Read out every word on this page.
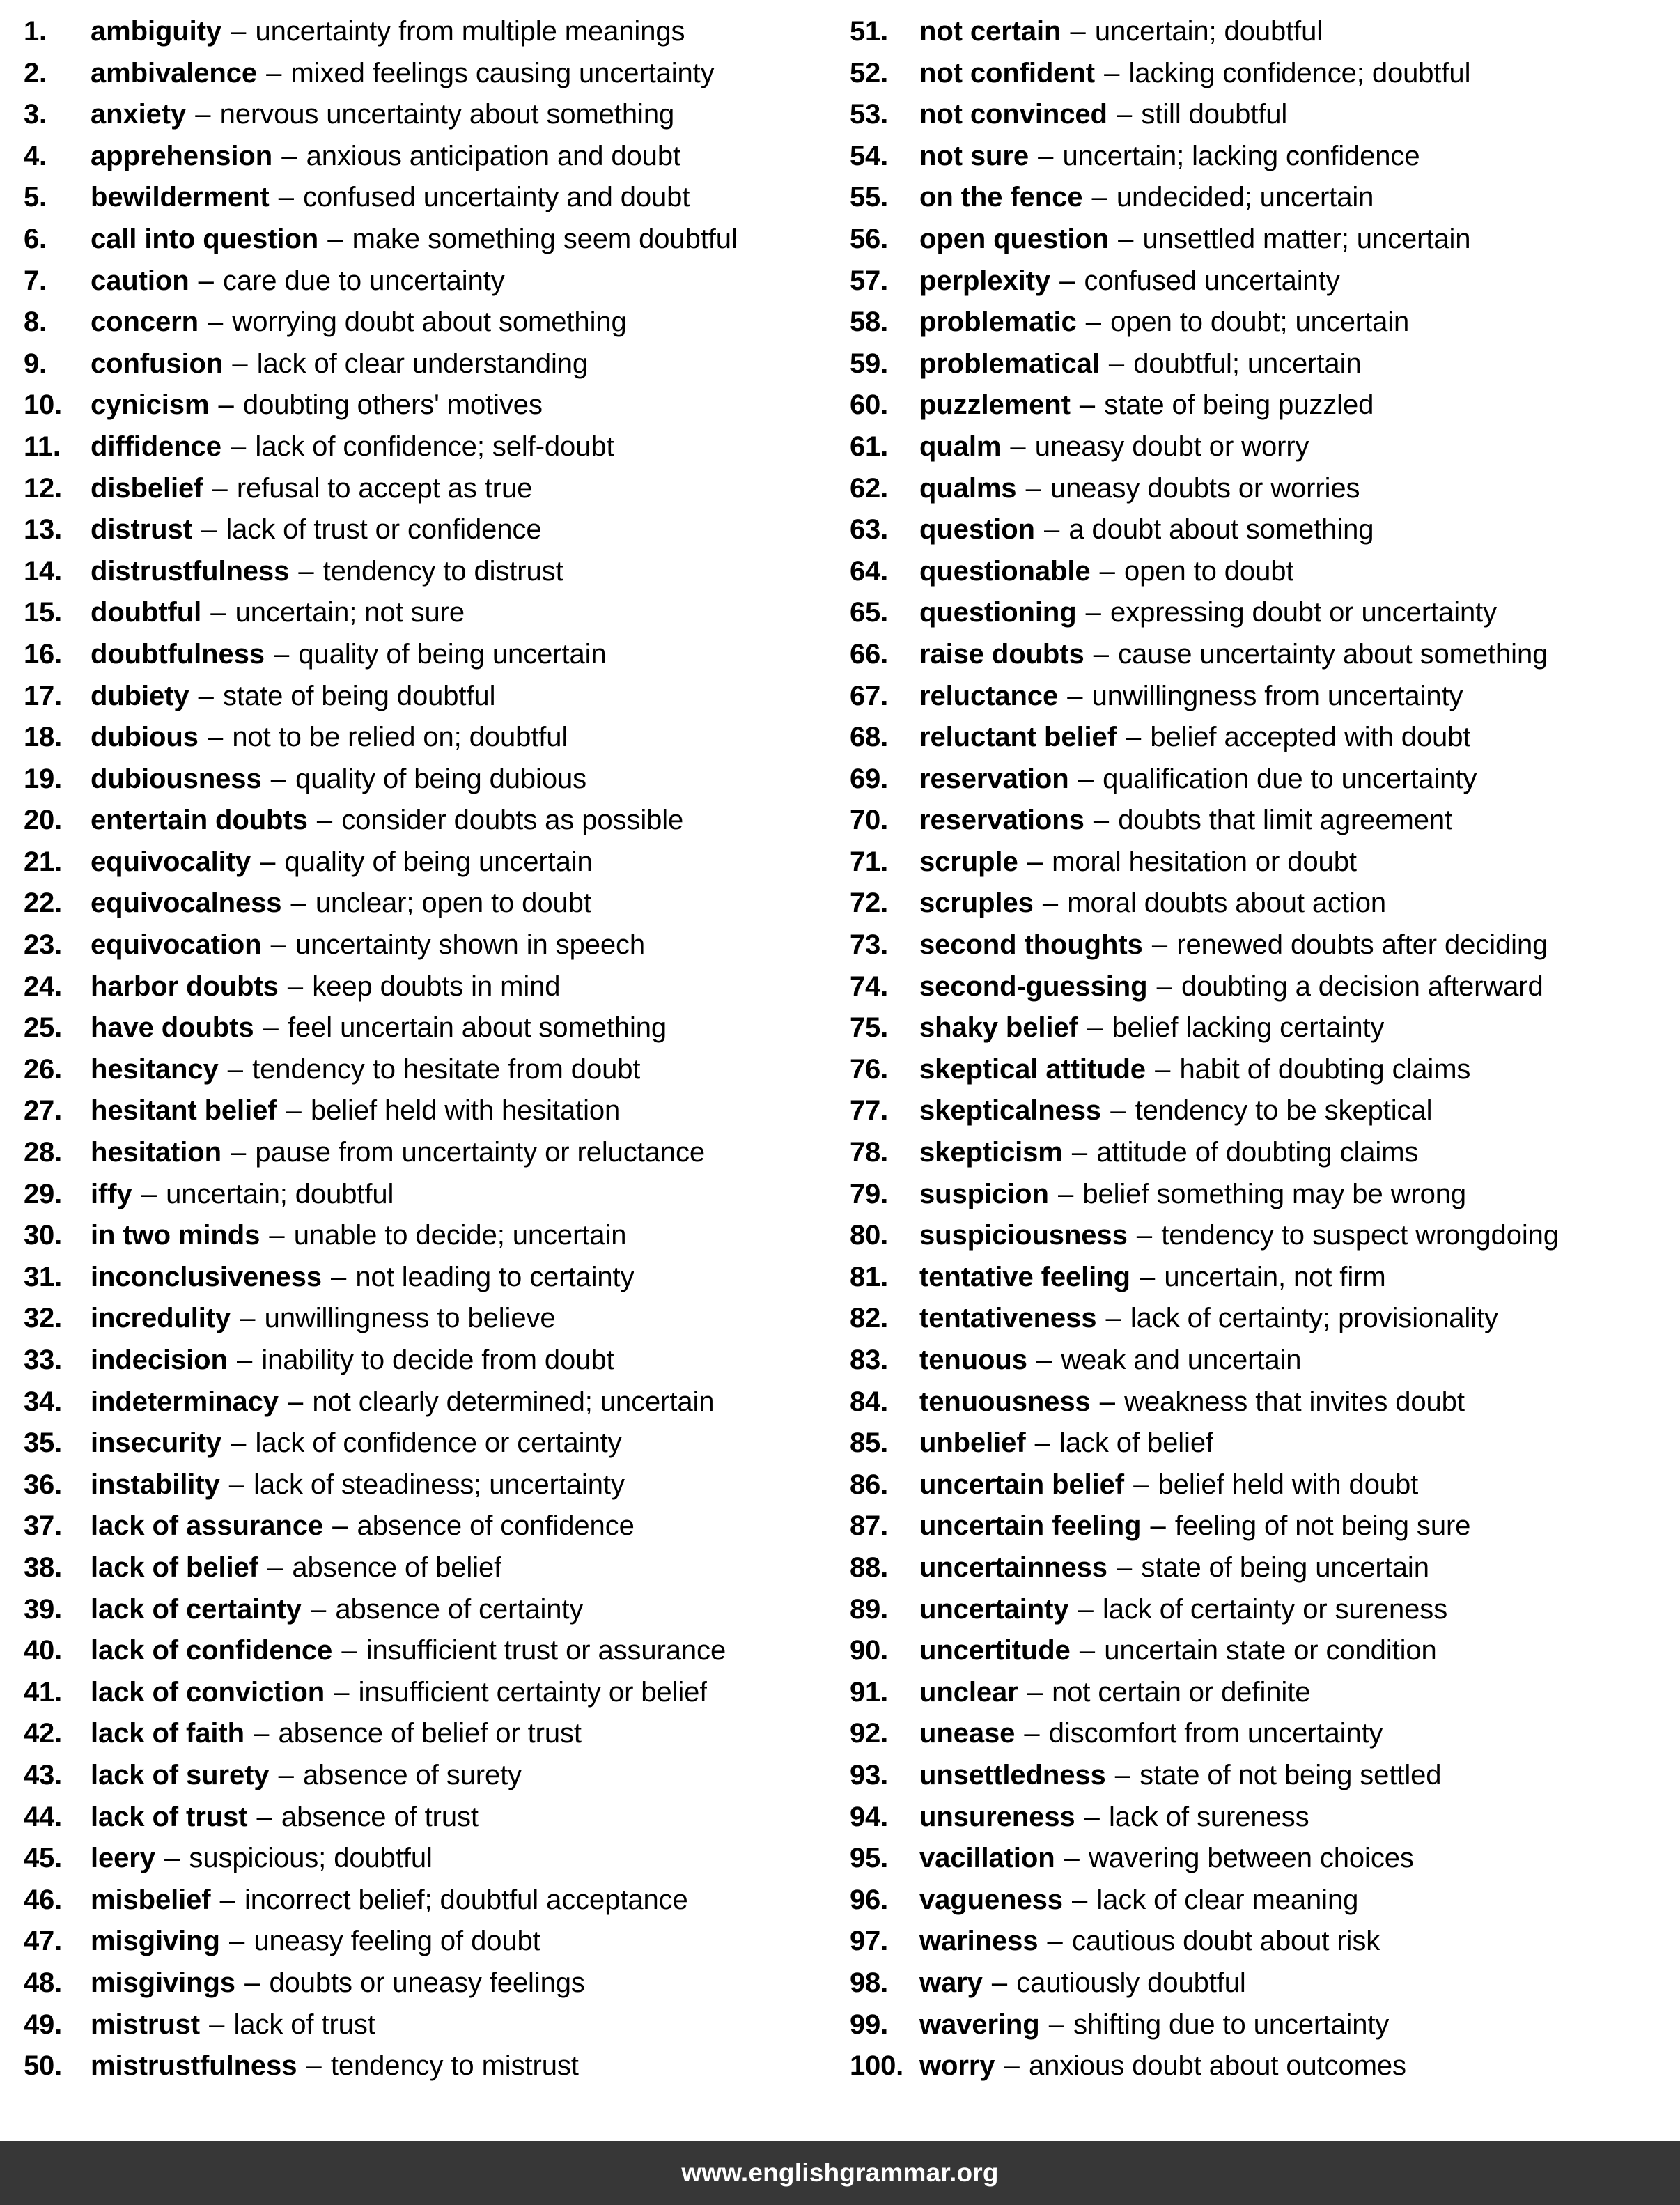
1.	ambiguity – uncertainty from multiple meanings
2.	ambivalence – mixed feelings causing uncertainty
3.	anxiety – nervous uncertainty about something
4.	apprehension – anxious anticipation and doubt
5.	bewilderment – confused uncertainty and doubt
6.	call into question – make something seem doubtful
7.	caution – care due to uncertainty
8.	concern – worrying doubt about something
9.	confusion – lack of clear understanding
10.	cynicism – doubting others' motives
11.	diffidence – lack of confidence; self-doubt
12.	disbelief – refusal to accept as true
13.	distrust – lack of trust or confidence
14.	distrustfulness – tendency to distrust
15.	doubtful – uncertain; not sure
16.	doubtfulness – quality of being uncertain
17.	dubiety – state of being doubtful
18.	dubious – not to be relied on; doubtful
19.	dubiousness – quality of being dubious
20.	entertain doubts – consider doubts as possible
21.	equivocality – quality of being uncertain
22.	equivocalness – unclear; open to doubt
23.	equivocation – uncertainty shown in speech
24.	harbor doubts – keep doubts in mind
25.	have doubts – feel uncertain about something
26.	hesitancy – tendency to hesitate from doubt
27.	hesitant belief – belief held with hesitation
28.	hesitation – pause from uncertainty or reluctance
29.	iffy – uncertain; doubtful
30.	in two minds – unable to decide; uncertain
31.	inconclusiveness – not leading to certainty
32.	incredulity – unwillingness to believe
33.	indecision – inability to decide from doubt
34.	indeterminacy – not clearly determined; uncertain
35.	insecurity – lack of confidence or certainty
36.	instability – lack of steadiness; uncertainty
37.	lack of assurance – absence of confidence
38.	lack of belief – absence of belief
39.	lack of certainty – absence of certainty
40.	lack of confidence – insufficient trust or assurance
41.	lack of conviction – insufficient certainty or belief
42.	lack of faith – absence of belief or trust
43.	lack of surety – absence of surety
44.	lack of trust – absence of trust
45.	leery – suspicious; doubtful
46.	misbelief – incorrect belief; doubtful acceptance
47.	misgiving – uneasy feeling of doubt
48.	misgivings – doubts or uneasy feelings
49.	mistrust – lack of trust
50.	mistrustfulness – tendency to mistrust
51.	not certain – uncertain; doubtful
52.	not confident – lacking confidence; doubtful
53.	not convinced – still doubtful
54.	not sure – uncertain; lacking confidence
55.	on the fence – undecided; uncertain
56.	open question – unsettled matter; uncertain
57.	perplexity – confused uncertainty
58.	problematic – open to doubt; uncertain
59.	problematical – doubtful; uncertain
60.	puzzlement – state of being puzzled
61.	qualm – uneasy doubt or worry
62.	qualms – uneasy doubts or worries
63.	question – a doubt about something
64.	questionable – open to doubt
65.	questioning – expressing doubt or uncertainty
66.	raise doubts – cause uncertainty about something
67.	reluctance – unwillingness from uncertainty
68.	reluctant belief – belief accepted with doubt
69.	reservation – qualification due to uncertainty
70.	reservations – doubts that limit agreement
71.	scruple – moral hesitation or doubt
72.	scruples – moral doubts about action
73.	second thoughts – renewed doubts after deciding
74.	second-guessing – doubting a decision afterward
75.	shaky belief – belief lacking certainty
76.	skeptical attitude – habit of doubting claims
77.	skepticalness – tendency to be skeptical
78.	skepticism – attitude of doubting claims
79.	suspicion – belief something may be wrong
80.	suspiciousness – tendency to suspect wrongdoing
81.	tentative feeling – uncertain, not firm
82.	tentativeness – lack of certainty; provisionality
83.	tenuous – weak and uncertain
84.	tenuousness – weakness that invites doubt
85.	unbelief – lack of belief
86.	uncertain belief – belief held with doubt
87.	uncertain feeling – feeling of not being sure
88.	uncertainness – state of being uncertain
89.	uncertainty – lack of certainty or sureness
90.	uncertitude – uncertain state or condition
91.	unclear – not certain or definite
92.	unease – discomfort from uncertainty
93.	unsettledness – state of not being settled
94.	unsureness – lack of sureness
95.	vacillation – wavering between choices
96.	vagueness – lack of clear meaning
97.	wariness – cautious doubt about risk
98.	wary – cautiously doubtful
99.	wavering – shifting due to uncertainty
100. worry – anxious doubt about outcomes
www.englishgrammar.org
